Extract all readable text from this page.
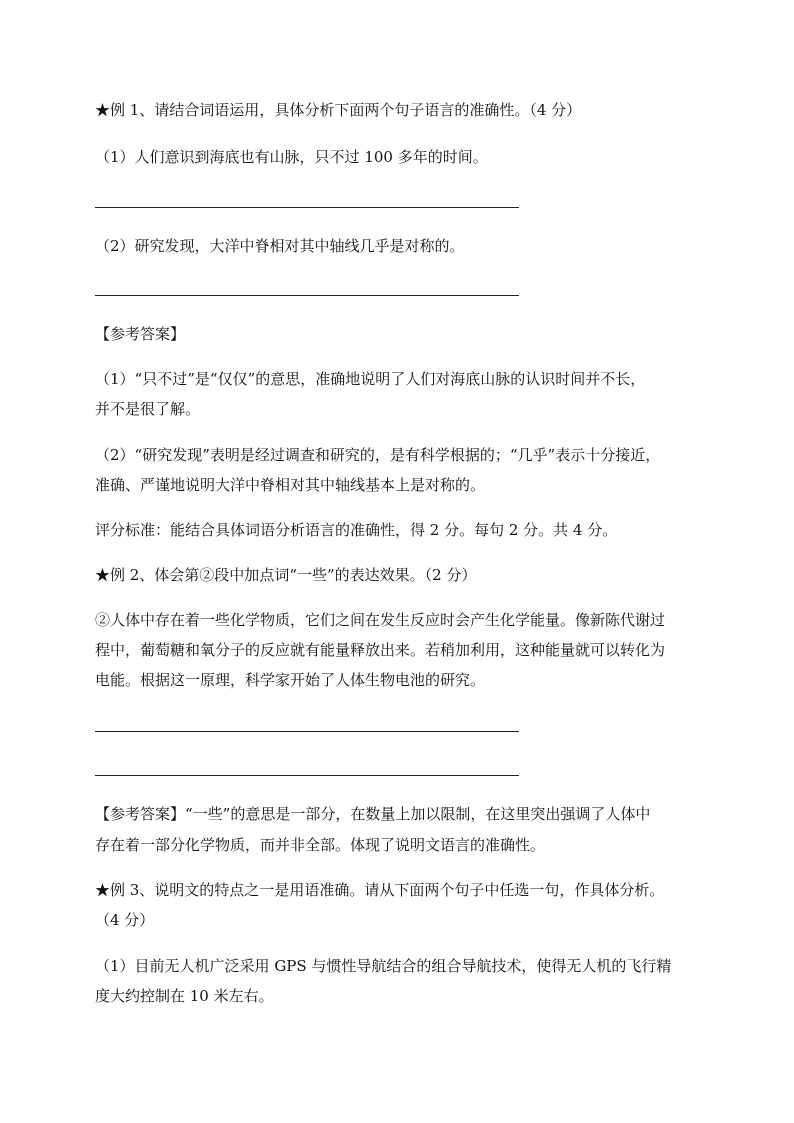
★例 1、请结合词语运用，具体分析下面两个句子语言的准确性。（4 分）
（1）人们意识到海底也有山脉，只不过 100 多年的时间。
（2）研究发现，大洋中脊相对其中轴线几乎是对称的。
【参考答案】
（1）“只不过”是“仅仅”的意思，准确地说明了人们对海底山脉的认识时间并不长，
并不是很了解。
（2）“研究发现”表明是经过调查和研究的，是有科学根据的；“几乎”表示十分接近，
准确、严谨地说明大洋中脊相对其中轴线基本上是对称的。
评分标准：能结合具体词语分析语言的准确性，得 2 分。每句 2 分。共 4 分。
★例 2、体会第②段中加点词“一些”的表达效果。（2 分）
②人体中存在着一些化学物质，它们之间在发生反应时会产生化学能量。像新陈代谢过
程中，葡萄糖和氧分子的反应就有能量释放出来。若稍加利用，这种能量就可以转化为
电能。根据这一原理，科学家开始了人体生物电池的研究。
【参考答案】“一些”的意思是一部分，在数量上加以限制，在这里突出强调了人体中
存在着一部分化学物质，而并非全部。体现了说明文语言的准确性。
★例 3、说明文的特点之一是用语准确。请从下面两个句子中任选一句，作具体分析。
（4 分）
（1）目前无人机广泛采用 GPS 与惯性导航结合的组合导航技术，使得无人机的飞行精
度大约控制在 10 米左右。
